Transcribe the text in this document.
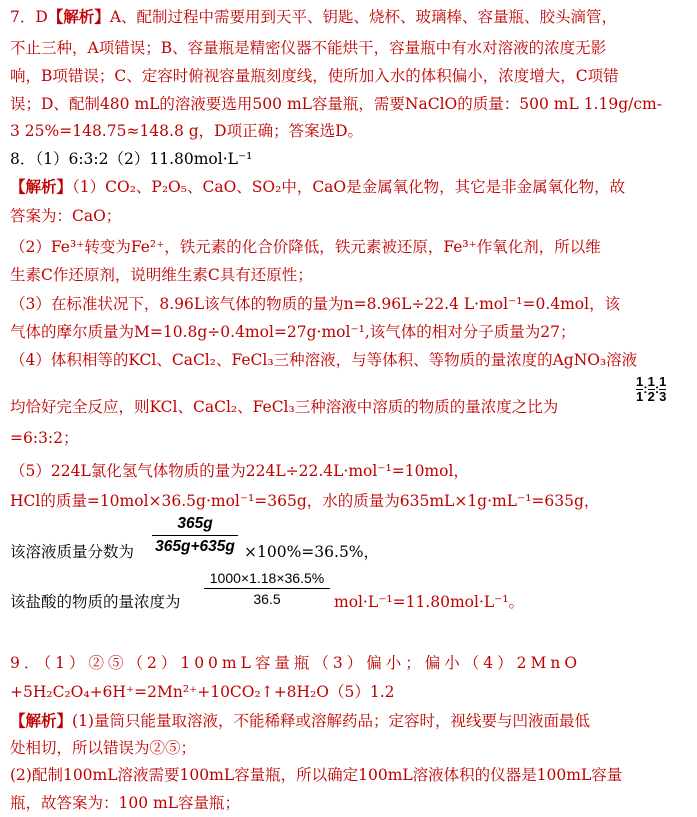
7．D【解析】A、配制过程中需要用到天平、钥匙、烧杯、玻璃棒、容量瓶、胶头滴管，
不止三种，A项错误；B、容量瓶是精密仪器不能烘干，容量瓶中有水对溶液的浓度无影
响，B项错误；C、定容时俯视容量瓶刻度线，使所加入水的体积偏小，浓度增大，C项错
误；D、配制480 mL的溶液要选用500 mL容量瓶，需要NaClO的质量：500 mL 1.19g/cm-
3 25%=148.75≈148.8 g，D项正确；答案选D。
8．（1）6:3:2（2）11.80mol·L⁻¹
【解析】（1）CO₂、P₂O₅、CaO、SO₂中，CaO是金属氧化物，其它是非金属氧化物，故
答案为：CaO；
（2）Fe³⁺转变为Fe²⁺，铁元素的化合价降低，铁元素被还原，Fe³⁺作氧化剂，所以维
生素C作还原剂，说明维生素C具有还原性；
（3）在标准状况下，8.96L该气体的物质的量为n=8.96L÷22.4 L·mol⁻¹=0.4mol，该
气体的摩尔质量为M=10.8g÷0.4mol=27g·mol⁻¹,该气体的相对分子质量为27；
（4）体积相等的KCl、CaCl₂、FeCl₃三种溶液，与等体积、等物质的量浓度的AgNO₃溶液
均恰好完全反应，则KCl、CaCl₂、FeCl₃三种溶液中溶质的物质的量浓度之比为
$\frac{1}{1}$ : $\frac{1}{2}$ : $\frac{1}{3}$
=6:3:2；
（5）224L氯化氢气体物质的量为224L÷22.4L·mol⁻¹=10mol，
HCl的质量=10mol×36.5g·mol⁻¹=365g，水的质量为635mL×1g·mL⁻¹=635g，
365g
365g+635g
该溶液质量分数为	×100%=36.5%，
1000×1.18×36.5%
36.5
该盐酸的物质的量浓度为	mol·L⁻¹=11.80mol·L⁻¹。
9．（1）②⑤（2）100mL容量瓶（3）偏小；偏小（4）2MnO
+5H₂C₂O₄+6H⁺=2Mn²⁺+10CO₂↑+8H₂O（5）1.2
【解析】(1)量筒只能量取溶液，不能稀释或溶解药品；定容时，视线要与凹液面最低
处相切，所以错误为②⑤；
(2)配制100mL溶液需要100mL容量瓶，所以确定100mL溶液体积的仪器是100mL容量
瓶，故答案为：100 mL容量瓶；
